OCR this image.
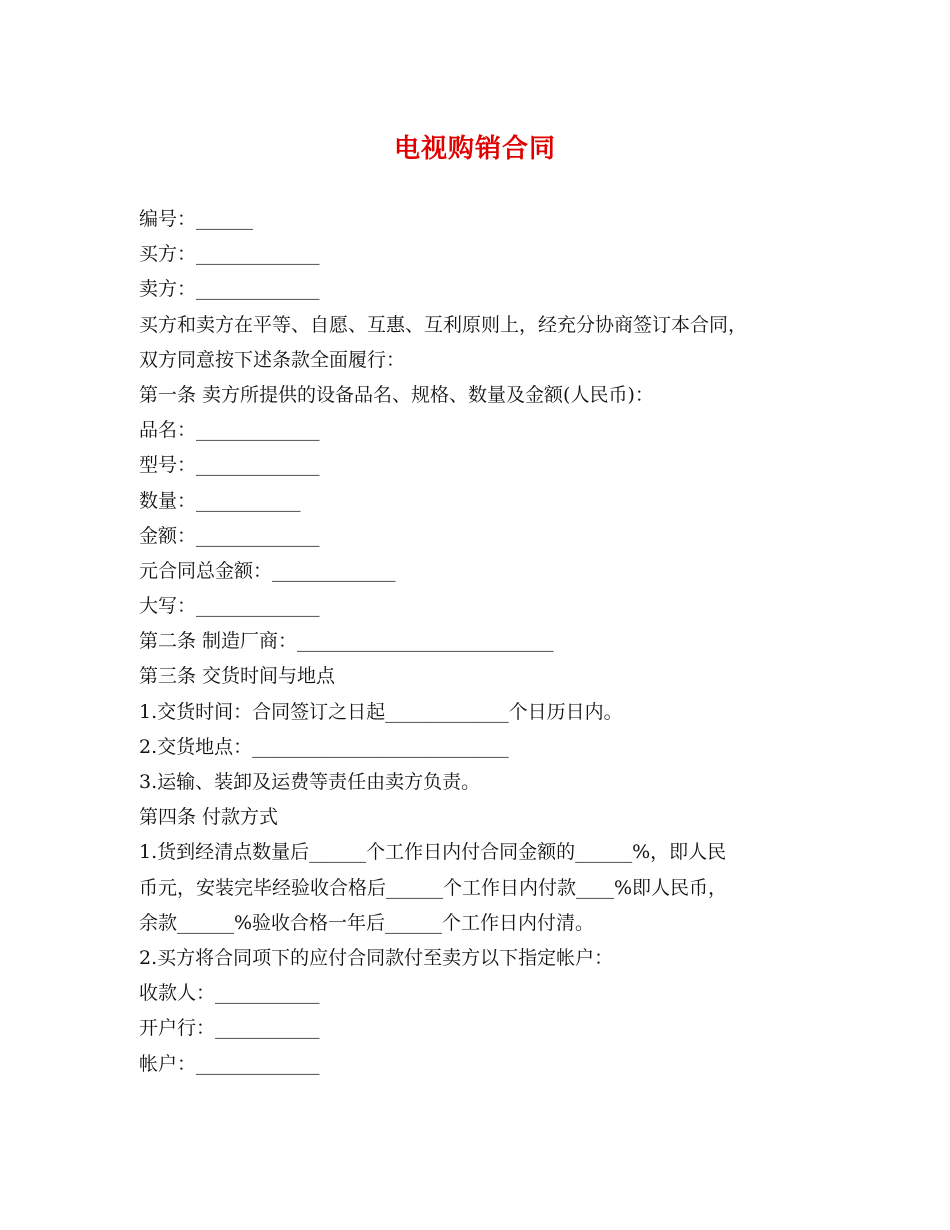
电视购销合同
编号：______
买方：_____________
卖方：_____________
买方和卖方在平等、自愿、互惠、互利原则上，经充分协商签订本合同，
双方同意按下述条款全面履行：
第一条 卖方所提供的设备品名、规格、数量及金额(人民币)：
品名：_____________
型号：_____________
数量：___________
金额：_____________
元合同总金额：_____________
大写：_____________
第二条 制造厂商：___________________________
第三条 交货时间与地点
1.交货时间：合同签订之日起_____________个日历日内。
2.交货地点：___________________________
3.运输、装卸及运费等责任由卖方负责。
第四条 付款方式
1.货到经清点数量后______个工作日内付合同金额的______%，即人民
币元，安装完毕经验收合格后______个工作日内付款____%即人民币，
余款______%验收合格一年后______个工作日内付清。
2.买方将合同项下的应付合同款付至卖方以下指定帐户：
收款人：___________
开户行：___________
帐户：_____________
